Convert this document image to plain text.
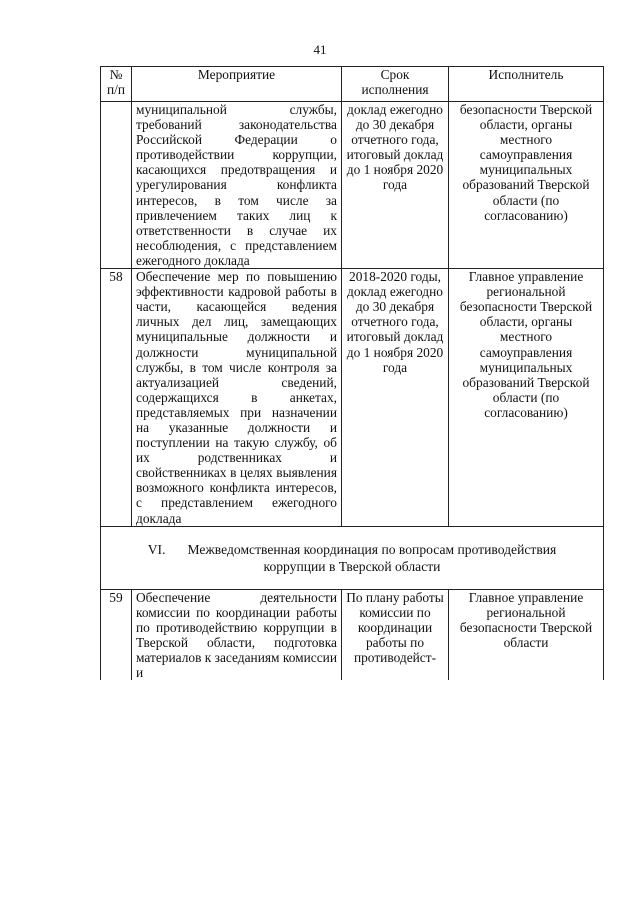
41
№ п/п	Мероприятие	Срок исполнения	Исполнитель
	муниципальной службы, требований законодательства Российской Федерации о противодействии коррупции, касающихся предотвращения и урегулирования конфликта интересов, в том числе за привлечением таких лиц к ответственности в случае их несоблюдения, с представлением ежегодного доклада	доклад ежегодно до 30 декабря отчетного года, итоговый доклад до 1 ноября 2020 года	безопасности Тверской области, органы местного самоуправления муниципальных образований Тверской области (по согласованию)
58	Обеспечение мер по повышению эффективности кадровой работы в части, касающейся ведения личных дел лиц, замещающих муниципальные должности и должности муниципальной службы, в том числе контроля за актуализацией сведений, содержащихся в анкетах, представляемых при назначении на указанные должности и поступлении на такую службу, об их родственниках и свойственниках в целях выявления возможного конфликта интересов, с представлением ежегодного доклада	2018-2020 годы, доклад ежегодно до 30 декабря отчетного года, итоговый доклад до 1 ноября 2020 года	Главное управление региональной безопасности Тверской области, органы местного самоуправления муниципальных образований Тверской области (по согласованию)
VI. Межведомственная координация по вопросам противодействия коррупции в Тверской области			
59	Обеспечение деятельности комиссии по координации работы по противодействию коррупции в Тверской области, подготовка материалов к заседаниям комиссии и	По плану работы комиссии по координации работы по противодейст-	Главное управление региональной безопасности Тверской области
